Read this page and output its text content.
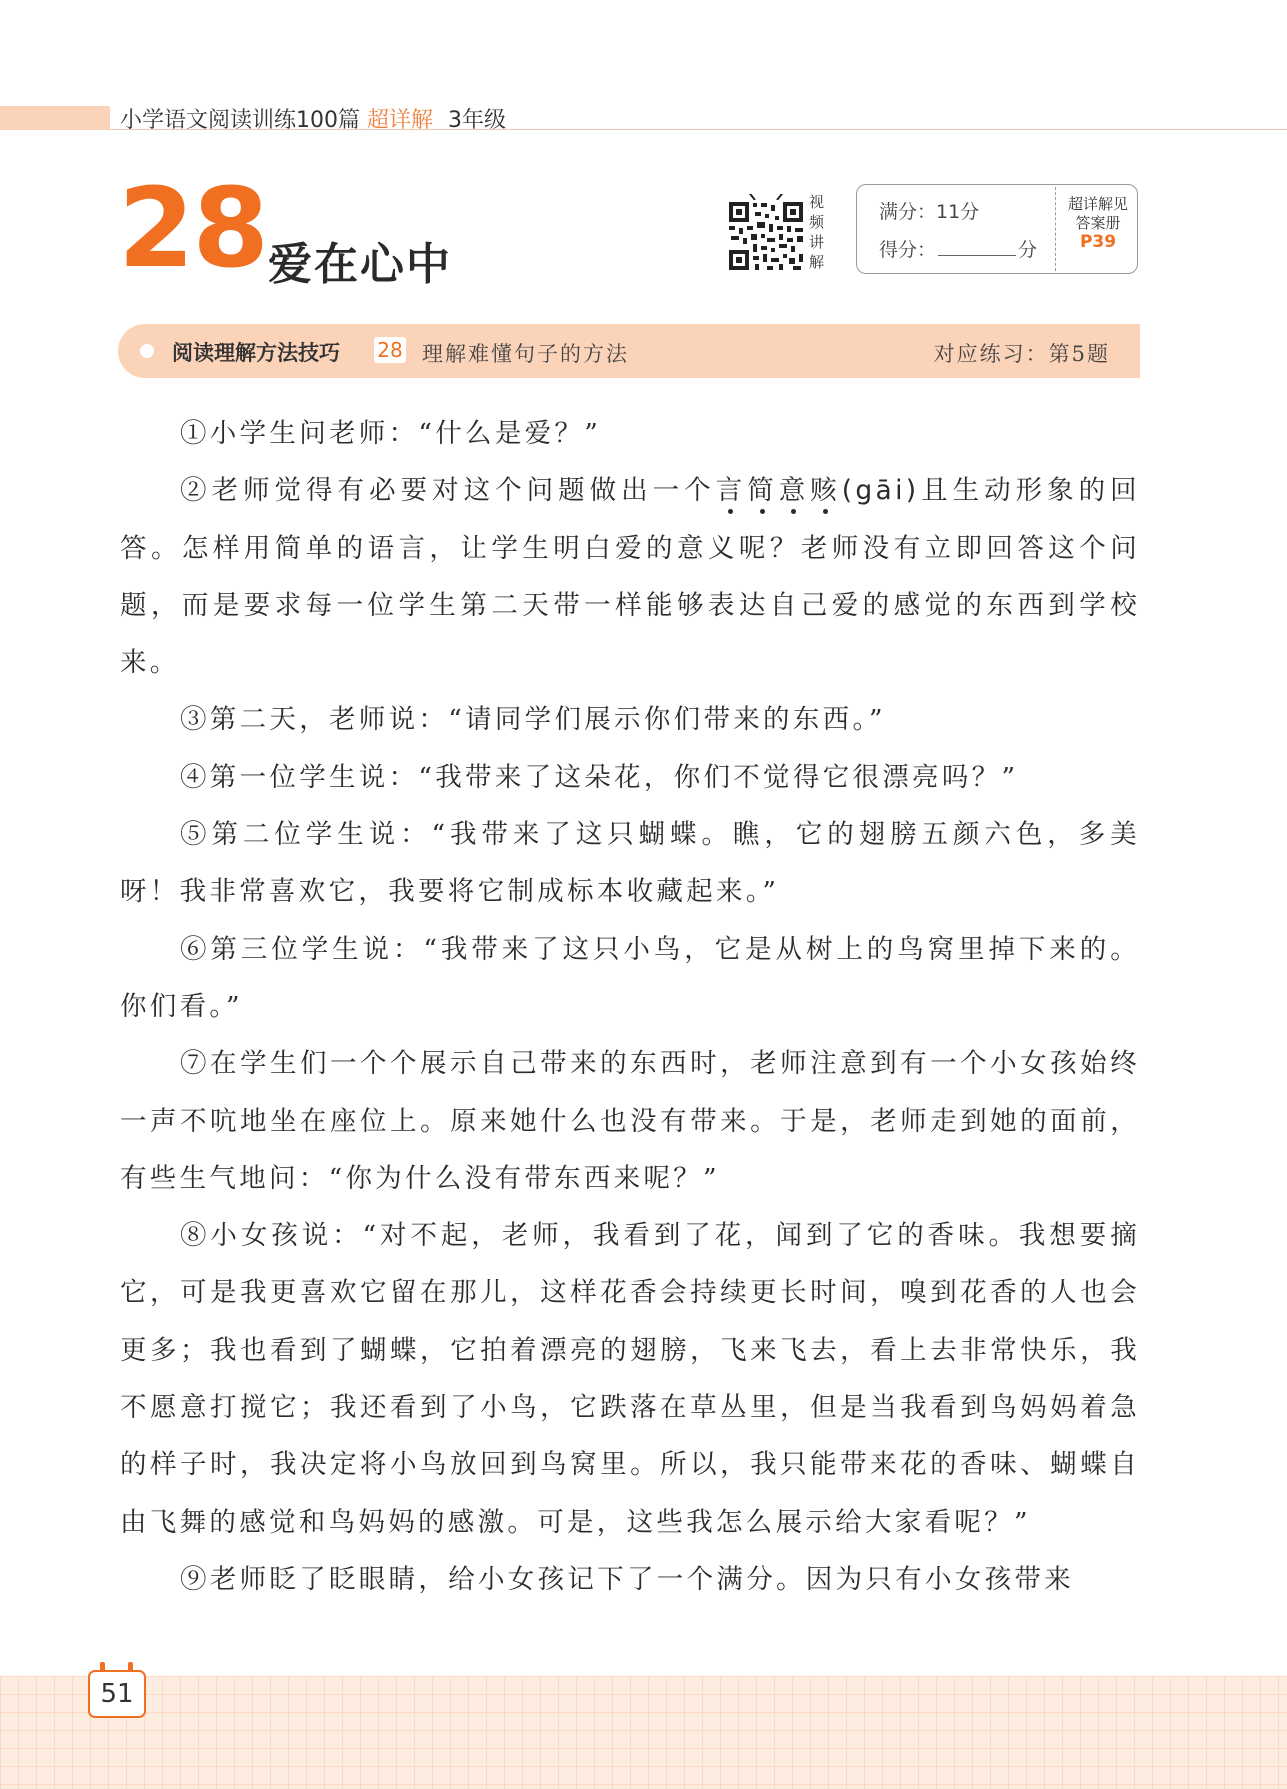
小学语文阅读训练100篇 超详解 3年级
28 爱在心中
视频讲解
满分：11分
得分：	分
超详解见
答案册
P39
阅读理解方法技巧 28 理解难懂句子的方法	对应练习：第5题

①小学生问老师：“什么是爱？”

②老师觉得有必要对这个问题做出一个言简意赅(gāi)且生动形象的回答。怎样用简单的语言，让学生明白爱的意义呢？老师没有立即回答这个问题，而是要求每一位学生第二天带一样能够表达自己爱的感觉的东西到学校来。

③第二天，老师说：“请同学们展示你们带来的东西。”

④第一位学生说：“我带来了这朵花，你们不觉得它很漂亮吗？”

⑤第二位学生说：“我带来了这只蝴蝶。瞧，它的翅膀五颜六色，多美呀！我非常喜欢它，我要将它制成标本收藏起来。”

⑥第三位学生说：“我带来了这只小鸟，它是从树上的鸟窝里掉下来的。你们看。”

⑦在学生们一个个展示自己带来的东西时，老师注意到有一个小女孩始终一声不吭地坐在座位上。原来她什么也没有带来。于是，老师走到她的面前，有些生气地问：“你为什么没有带东西来呢？”

⑧小女孩说：“对不起，老师，我看到了花，闻到了它的香味。我想要摘它，可是我更喜欢它留在那儿，这样花香会持续更长时间，嗅到花香的人也会更多；我也看到了蝴蝶，它拍着漂亮的翅膀，飞来飞去，看上去非常快乐，我不愿意打搅它；我还看到了小鸟，它跌落在草丛里，但是当我看到鸟妈妈着急的样子时，我决定将小鸟放回到鸟窝里。所以，我只能带来花的香味、蝴蝶自由飞舞的感觉和鸟妈妈的感激。可是，这些我怎么展示给大家看呢？”

⑨老师眨了眨眼睛，给小女孩记下了一个满分。因为只有小女孩带来

51
